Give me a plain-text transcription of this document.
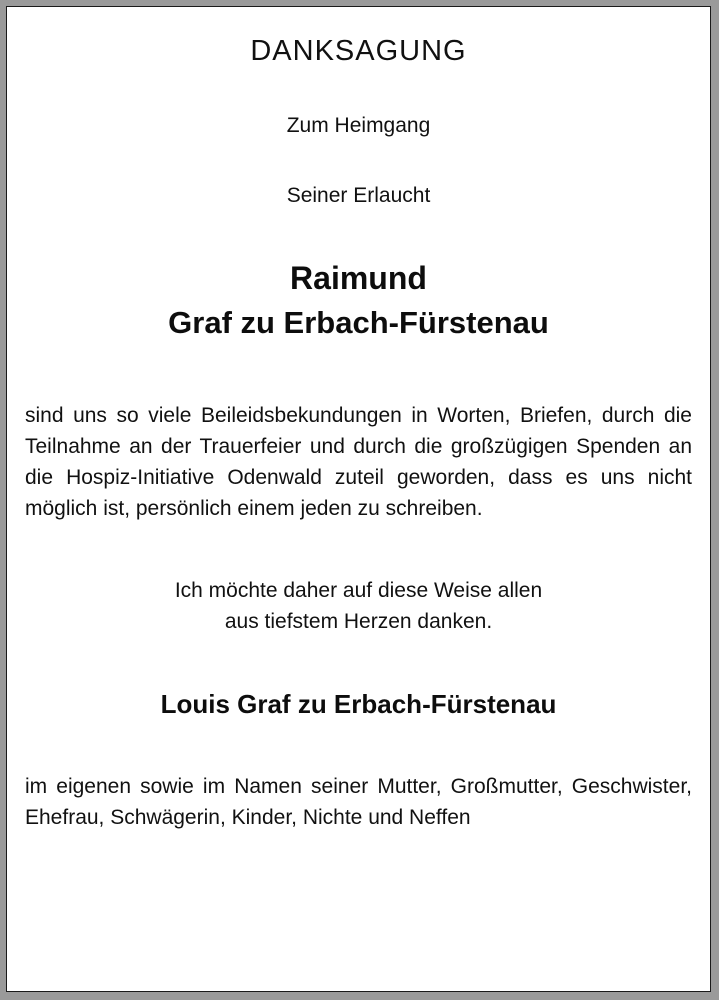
DANKSAGUNG
Zum Heimgang
Seiner Erlaucht
Raimund
Graf zu Erbach-Fürstenau

sind uns so viele Beileidsbekundungen in Worten, Briefen, durch die Teilnahme an der Trauerfeier und durch die großzügigen Spenden an die Hospiz-Initiative Odenwald zuteil geworden, dass es uns nicht möglich ist, persönlich einem jeden zu schreiben.

Ich möchte daher auf diese Weise allen
aus tiefstem Herzen danken.
Louis Graf zu Erbach-Fürstenau

im eigenen sowie im Namen seiner Mutter, Großmutter, Geschwister, Ehefrau, Schwägerin, Kinder, Nichte und Neffen
